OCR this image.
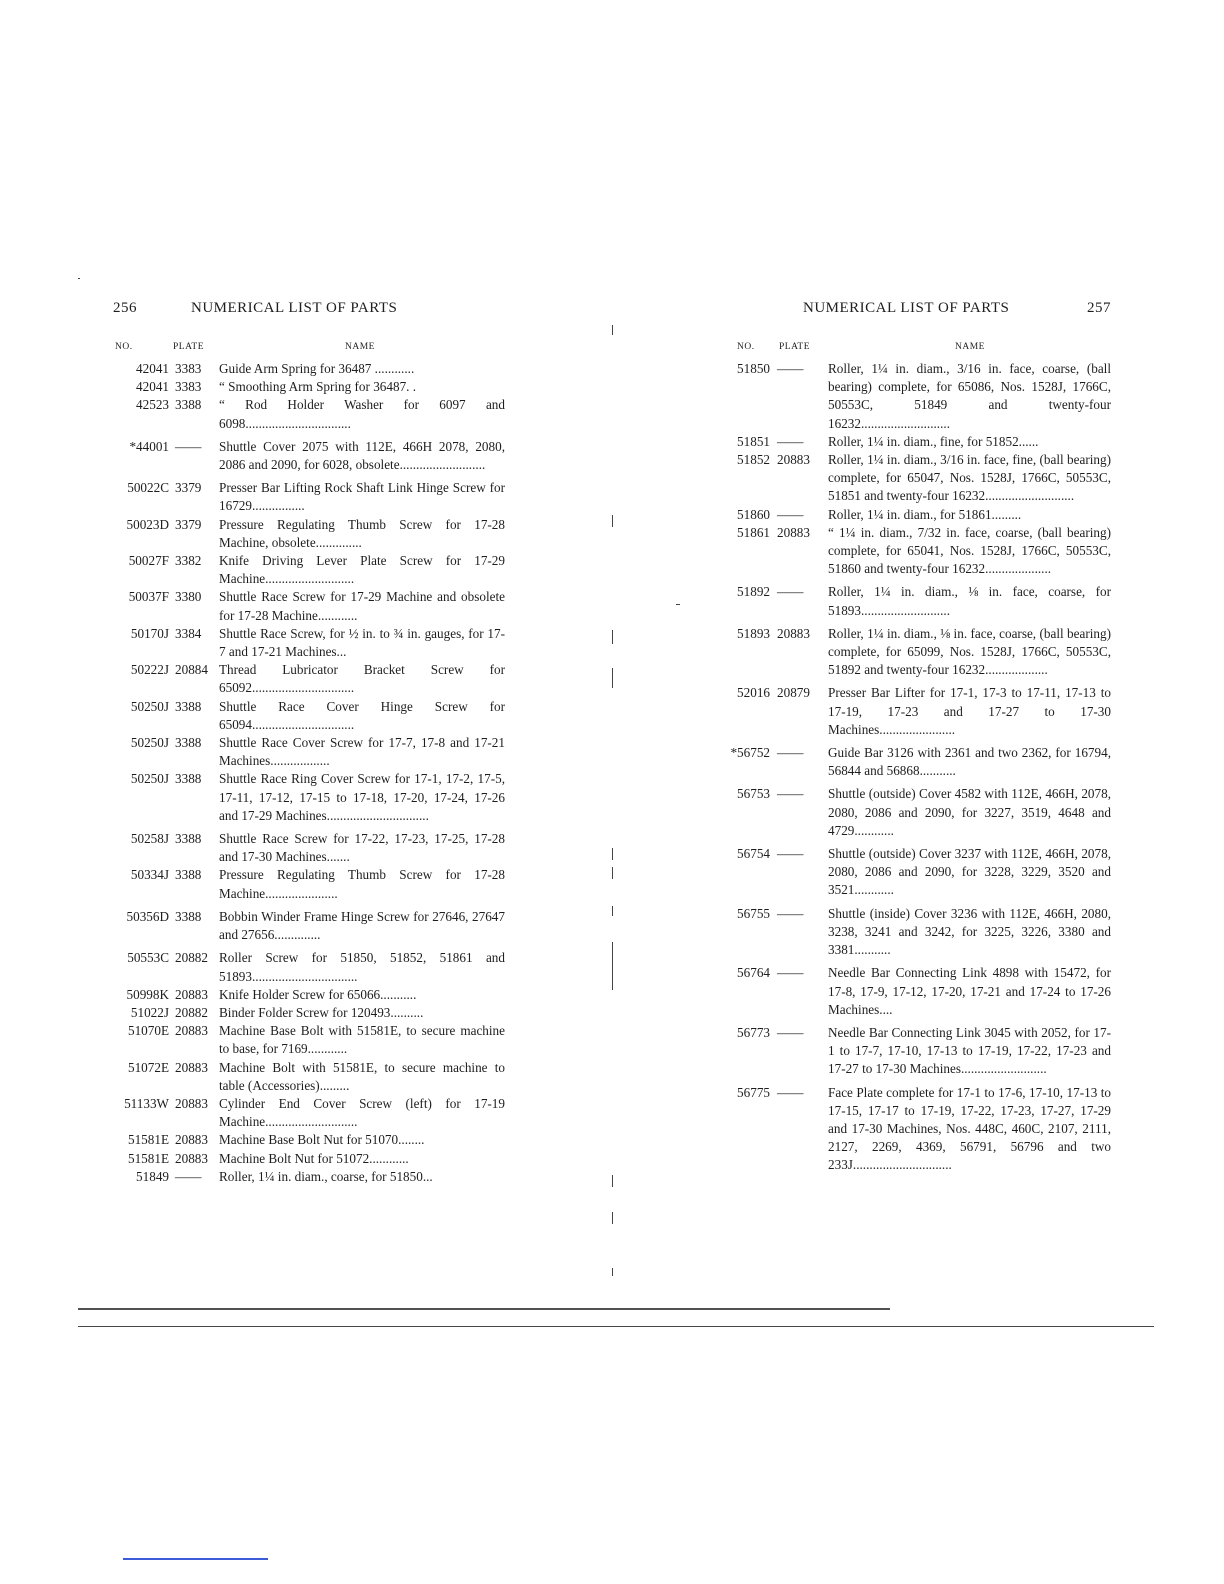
256	NUMERICAL LIST OF PARTS
NO.	PLATE	NAME
42041 3383	Guide Arm Spring for 36487 ............
42041 3383	“ Smoothing Arm Spring for 36487. .
42523 3388	“ Rod Holder Washer for 6097 and 6098................................
*44001 ——	Shuttle Cover 2075 with 112E, 466H 2078, 2080, 2086 and 2090, for 6028, obsolete..........................
50022C 3379	Presser Bar Lifting Rock Shaft Link Hinge Screw for 16729................
50023D 3379	Pressure Regulating Thumb Screw for 17-28 Machine, obsolete..............
50027F 3382	Knife Driving Lever Plate Screw for 17-29 Machine...........................
50037F 3380	Shuttle Race Screw for 17-29 Machine and obsolete for 17-28 Machine............
50170J 3384	Shuttle Race Screw, for ½ in. to ¾ in. gauges, for 17-7 and 17-21 Machines...
50222J 20884 Thread Lubricator Bracket Screw for 65092...............................
50250J 3388	Shuttle Race Cover Hinge Screw for 65094...............................
50250J 3388	Shuttle Race Cover Screw for 17-7, 17-8 and 17-21 Machines..................
50250J 3388	Shuttle Race Ring Cover Screw for 17-1, 17-2, 17-5, 17-11, 17-12, 17-15 to 17-18, 17-20, 17-24, 17-26 and 17-29 Machines...............................
50258J 3388	Shuttle Race Screw for 17-22, 17-23, 17-25, 17-28 and 17-30 Machines.......
50334J 3388	Pressure Regulating Thumb Screw for 17-28 Machine......................
50356D 3388	Bobbin Winder Frame Hinge Screw for 27646, 27647 and 27656..............
50553C 20882 Roller Screw for 51850, 51852, 51861 and 51893................................
50998K 20883 Knife Holder Screw for 65066...........
51022J 20882 Binder Folder Screw for 120493..........
51070E 20883 Machine Base Bolt with 51581E, to secure machine to base, for 7169............
51072E 20883 Machine Bolt with 51581E, to secure machine to table (Accessories).........
51133W 20883 Cylinder End Cover Screw (left) for 17-19 Machine............................
51581E 20883 Machine Base Bolt Nut for 51070........
51581E 20883 Machine Bolt Nut for 51072............
51849 ——	Roller, 1¼ in. diam., coarse, for 51850...
NUMERICAL LIST OF PARTS	257
NO.	PLATE	NAME
51850 ——	Roller, 1¼ in. diam., 3/16 in. face, coarse, (ball bearing) complete, for 65086, Nos. 1528J, 1766C, 50553C, 51849 and twenty-four 16232...........................
51851 ——	Roller, 1¼ in. diam., fine, for 51852......
51852 20883	Roller, 1¼ in. diam., 3/16 in. face, fine, (ball bearing) complete, for 65047, Nos. 1528J, 1766C, 50553C, 51851 and twenty-four 16232...........................
51860 ——	Roller, 1¼ in. diam., for 51861.........
51861 20883	“ 1¼ in. diam., 7/32 in. face, coarse, (ball bearing) complete, for 65041, Nos. 1528J, 1766C, 50553C, 51860 and twenty-four 16232....................
51892 ——	Roller, 1¼ in. diam., ⅛ in. face, coarse, for 51893...........................
51893 20883	Roller, 1¼ in. diam., ⅛ in. face, coarse, (ball bearing) complete, for 65099, Nos. 1528J, 1766C, 50553C, 51892 and twenty-four 16232...................
52016 20879	Presser Bar Lifter for 17-1, 17-3 to 17-11, 17-13 to 17-19, 17-23 and 17-27 to 17-30 Machines.......................
*56752 ——	Guide Bar 3126 with 2361 and two 2362, for 16794, 56844 and 56868...........
56753 ——	Shuttle (outside) Cover 4582 with 112E, 466H, 2078, 2080, 2086 and 2090, for 3227, 3519, 4648 and 4729............
56754 ——	Shuttle (outside) Cover 3237 with 112E, 466H, 2078, 2080, 2086 and 2090, for 3228, 3229, 3520 and 3521............
56755 ——	Shuttle (inside) Cover 3236 with 112E, 466H, 2080, 3238, 3241 and 3242, for 3225, 3226, 3380 and 3381...........
56764 ——	Needle Bar Connecting Link 4898 with 15472, for 17-8, 17-9, 17-12, 17-20, 17-21 and 17-24 to 17-26 Machines....
56773 ——	Needle Bar Connecting Link 3045 with 2052, for 17-1 to 17-7, 17-10, 17-13 to 17-19, 17-22, 17-23 and 17-27 to 17-30 Machines..........................
56775 ——	Face Plate complete for 17-1 to 17-6, 17-10, 17-13 to 17-15, 17-17 to 17-19, 17-22, 17-23, 17-27, 17-29 and 17-30 Machines, Nos. 448C, 460C, 2107, 2111, 2127, 2269, 4369, 56791, 56796 and two 233J..............................
